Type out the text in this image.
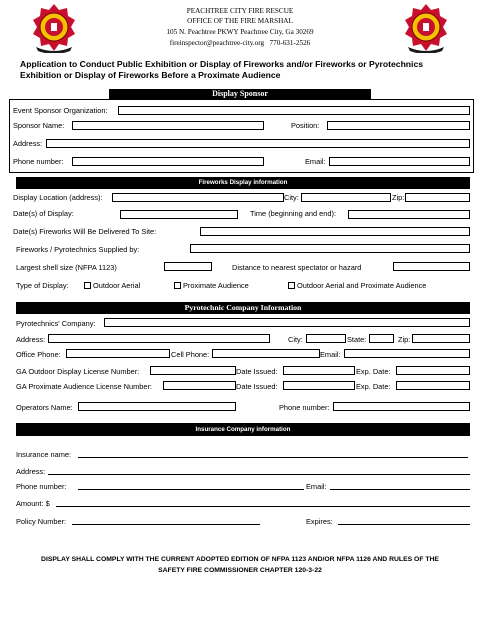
PEACHTREE CITY FIRE RESCUE
OFFICE OF THE FIRE MARSHAL
105 N. Peachtree PKWY Peachtree City, Ga 30269
fireinspector@peachtree-city.org 770-631-2526
Application to Conduct Public Exhibition or Display of Fireworks and/or Fireworks or Pyrotechnics
Exhibition or Display of Fireworks Before a Proximate Audience
Display Sponsor
Event Sponsor Organization:
Sponsor Name:	Position:
Address:
Phone number:	Email:
Fireworks Display information
Display Location (address):	City:	Zip:
Date(s) of Display:	Time (beginning and end):
Date(s) Fireworks Will Be Delivered To Site:
Fireworks / Pyrotechnics Supplied by:
Largest shell size (NFPA 1123)	Distance to nearest spectator or hazard
Type of Display:	Outdoor Aerial	Proximate Audience	Outdoor Aerial and Proximate Audience
Pyrotechnic Company Information
Pyrotechnics' Company:
Address:	City:	State:	Zip:
Office Phone:	Cell Phone:	Email:
GA Outdoor Display License Number:	Date Issued:	Exp. Date:
GA Proximate Audience License Number:	Date Issued:	Exp. Date:
Operators Name:	Phone number:
Insurance Company information
Insurance name:
Address:
Phone number:	Email:
Amount: $
Policy Number:	Expires:
DISPLAY SHALL COMPLY WITH THE CURRENT ADOPTED EDITION OF NFPA 1123 AND/OR NFPA 1126 AND RULES OF THE
SAFETY FIRE COMMISSIONER CHAPTER 120-3-22
